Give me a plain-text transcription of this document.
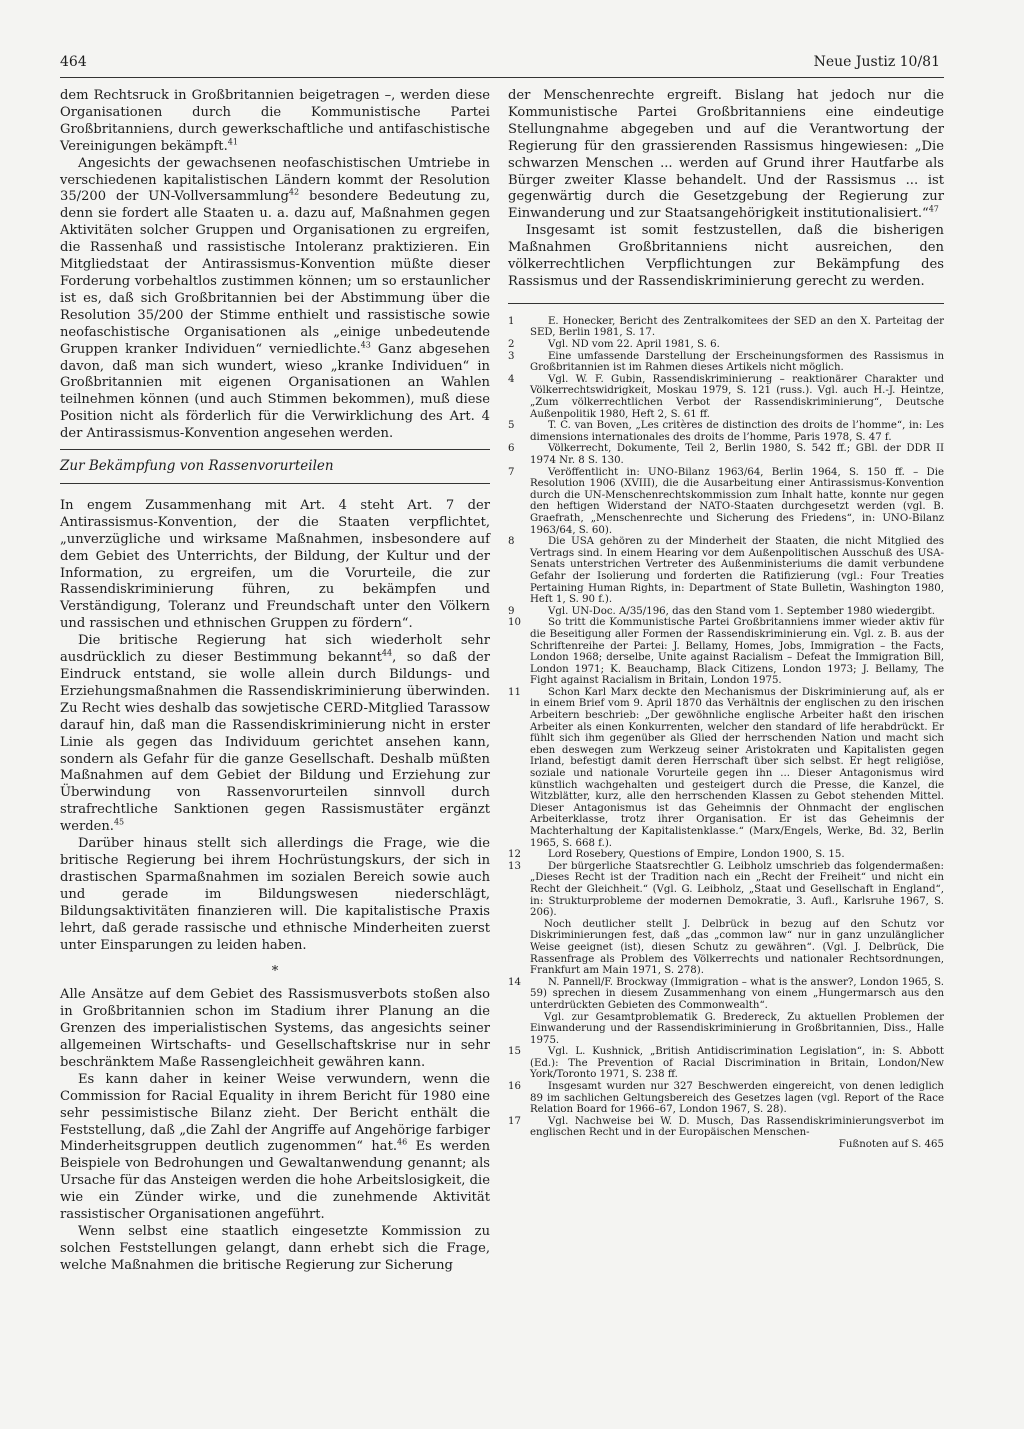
464	Neue Justiz 10/81

dem Rechtsruck in Großbritannien beigetragen –, werden diese Organisationen durch die Kommunistische Partei Großbritanniens, durch gewerkschaftliche und antifaschistische Vereinigungen bekämpft.$^{41}$

Angesichts der gewachsenen neofaschistischen Umtriebe in verschiedenen kapitalistischen Ländern kommt der Resolution 35/200 der UN-Vollversammlung$^{42}$ besondere Bedeutung zu, denn sie fordert alle Staaten u. a. dazu auf, Maßnahmen gegen Aktivitäten solcher Gruppen und Organisationen zu ergreifen, die Rassenhaß und rassistische Intoleranz praktizieren. Ein Mitgliedstaat der Antirassismus-Konvention müßte dieser Forderung vorbehaltlos zustimmen können; um so erstaunlicher ist es, daß sich Großbritannien bei der Abstimmung über die Resolution 35/200 der Stimme enthielt und rassistische sowie neofaschistische Organisationen als „einige unbedeutende Gruppen kranker Individuen“ verniedlichte.$^{43}$ Ganz abgesehen davon, daß man sich wundert, wieso „kranke Individuen“ in Großbritannien mit eigenen Organisationen an Wahlen teilnehmen können (und auch Stimmen bekommen), muß diese Position nicht als förderlich für die Verwirklichung des Art. 4 der Antirassismus-Konvention angesehen werden.

Zur Bekämpfung von Rassenvorurteilen

In engem Zusammenhang mit Art. 4 steht Art. 7 der Antirassismus-Konvention, der die Staaten verpflichtet, „unverzügliche und wirksame Maßnahmen, insbesondere auf dem Gebiet des Unterrichts, der Bildung, der Kultur und der Information, zu ergreifen, um die Vorurteile, die zur Rassendiskriminierung führen, zu bekämpfen und Verständigung, Toleranz und Freundschaft unter den Völkern und rassischen und ethnischen Gruppen zu fördern“.

Die britische Regierung hat sich wiederholt sehr ausdrücklich zu dieser Bestimmung bekannt$^{44}$, so daß der Eindruck entstand, sie wolle allein durch Bildungs- und Erziehungsmaßnahmen die Rassendiskriminierung überwinden. Zu Recht wies deshalb das sowjetische CERD-Mitglied Tarassow darauf hin, daß man die Rassendiskriminierung nicht in erster Linie als gegen das Individuum gerichtet ansehen kann, sondern als Gefahr für die ganze Gesellschaft. Deshalb müßten Maßnahmen auf dem Gebiet der Bildung und Erziehung zur Überwindung von Rassenvorurteilen sinnvoll durch strafrechtliche Sanktionen gegen Rassismustäter ergänzt werden.$^{45}$

Darüber hinaus stellt sich allerdings die Frage, wie die britische Regierung bei ihrem Hochrüstungskurs, der sich in drastischen Sparmaßnahmen im sozialen Bereich sowie auch und gerade im Bildungswesen niederschlägt, Bildungsaktivitäten finanzieren will. Die kapitalistische Praxis lehrt, daß gerade rassische und ethnische Minderheiten zuerst unter Einsparungen zu leiden haben.

*

Alle Ansätze auf dem Gebiet des Rassismusverbots stoßen also in Großbritannien schon im Stadium ihrer Planung an die Grenzen des imperialistischen Systems, das angesichts seiner allgemeinen Wirtschafts- und Gesellschaftskrise nur in sehr beschränktem Maße Rassengleichheit gewähren kann.

Es kann daher in keiner Weise verwundern, wenn die Commission for Racial Equality in ihrem Bericht für 1980 eine sehr pessimistische Bilanz zieht. Der Bericht enthält die Feststellung, daß „die Zahl der Angriffe auf Angehörige farbiger Minderheitsgruppen deutlich zugenommen“ hat.$^{46}$ Es werden Beispiele von Bedrohungen und Gewaltanwendung genannt; als Ursache für das Ansteigen werden die hohe Arbeitslosigkeit, die wie ein Zünder wirke, und die zunehmende Aktivität rassistischer Organisationen angeführt.

Wenn selbst eine staatlich eingesetzte Kommission zu solchen Feststellungen gelangt, dann erhebt sich die Frage, welche Maßnahmen die britische Regierung zur Sicherung

der Menschenrechte ergreift. Bislang hat jedoch nur die Kommunistische Partei Großbritanniens eine eindeutige Stellungnahme abgegeben und auf die Verantwortung der Regierung für den grassierenden Rassismus hingewiesen: „Die schwarzen Menschen ... werden auf Grund ihrer Hautfarbe als Bürger zweiter Klasse behandelt. Und der Rassismus ... ist gegenwärtig durch die Gesetzgebung der Regierung zur Einwanderung und zur Staatsangehörigkeit institutionalisiert.“$^{47}$

Insgesamt ist somit festzustellen, daß die bisherigen Maßnahmen Großbritanniens nicht ausreichen, den völkerrechtlichen Verpflichtungen zur Bekämpfung des Rassismus und der Rassendiskriminierung gerecht zu werden.

1	E. Honecker, Bericht des Zentralkomitees der SED an den X. Parteitag der SED, Berlin 1981, S. 17.

2	Vgl. ND vom 22. April 1981, S. 6.

3	Eine umfassende Darstellung der Erscheinungsformen des Rassismus in Großbritannien ist im Rahmen dieses Artikels nicht möglich.

4	Vgl. W. F. Gubin, Rassendiskriminierung – reaktionärer Charakter und Völkerrechtswidrigkeit, Moskau 1979, S. 121 (russ.). Vgl. auch H.-J. Heintze, „Zum völkerrechtlichen Verbot der Rassendiskriminierung“, Deutsche Außenpolitik 1980, Heft 2, S. 61 ff.

5	T. C. van Boven, „Les critères de distinction des droits de l’homme“, in: Les dimensions internationales des droits de l’homme, Paris 1978, S. 47 f.

6	Völkerrecht, Dokumente, Teil 2, Berlin 1980, S. 542 ff.; GBl. der DDR II 1974 Nr. 8 S. 130.

7	Veröffentlicht in: UNO-Bilanz 1963/64, Berlin 1964, S. 150 ff. – Die Resolution 1906 (XVIII), die die Ausarbeitung einer Antirassismus-Konvention durch die UN-Menschenrechtskommission zum Inhalt hatte, konnte nur gegen den heftigen Widerstand der NATO-Staaten durchgesetzt werden (vgl. B. Graefrath, „Menschenrechte und Sicherung des Friedens“, in: UNO-Bilanz 1963/64, S. 60).

8	Die USA gehören zu der Minderheit der Staaten, die nicht Mitglied des Vertrags sind. In einem Hearing vor dem Außenpolitischen Ausschuß des USA-Senats unterstrichen Vertreter des Außenministeriums die damit verbundene Gefahr der Isolierung und forderten die Ratifizierung (vgl.: Four Treaties Pertaining Human Rights, in: Department of State Bulletin, Washington 1980, Heft 1, S. 90 f.).

9	Vgl. UN-Doc. A/35/196, das den Stand vom 1. September 1980 wiedergibt.

10	So tritt die Kommunistische Partei Großbritanniens immer wieder aktiv für die Beseitigung aller Formen der Rassendiskriminierung ein. Vgl. z. B. aus der Schriftenreihe der Partei: J. Bellamy, Homes, Jobs, Immigration – the Facts, London 1968; derselbe, Unite against Racialism – Defeat the Immigration Bill, London 1971; K. Beauchamp, Black Citizens, London 1973; J. Bellamy, The Fight against Racialism in Britain, London 1975.

11	Schon Karl Marx deckte den Mechanismus der Diskriminierung auf, als er in einem Brief vom 9. April 1870 das Verhältnis der englischen zu den irischen Arbeitern beschrieb: „Der gewöhnliche englische Arbeiter haßt den irischen Arbeiter als einen Konkurrenten, welcher den standard of life herabdrückt. Er fühlt sich ihm gegenüber als Glied der herrschenden Nation und macht sich eben deswegen zum Werkzeug seiner Aristokraten und Kapitalisten gegen Irland, befestigt damit deren Herrschaft über sich selbst. Er hegt religiöse, soziale und nationale Vorurteile gegen ihn ... Dieser Antagonismus wird künstlich wachgehalten und gesteigert durch die Presse, die Kanzel, die Witzblätter, kurz, alle den herrschenden Klassen zu Gebot stehenden Mittel. Dieser Antagonismus ist das Geheimnis der Ohnmacht der englischen Arbeiterklasse, trotz ihrer Organisation. Er ist das Geheimnis der Machterhaltung der Kapitalistenklasse.“ (Marx/Engels, Werke, Bd. 32, Berlin 1965, S. 668 f.).

12	Lord Rosebery, Questions of Empire, London 1900, S. 15.

13	Der bürgerliche Staatsrechtler G. Leibholz umschrieb das folgendermaßen: „Dieses Recht ist der Tradition nach ein „Recht der Freiheit“ und nicht ein Recht der Gleichheit.“ (Vgl. G. Leibholz, „Staat und Gesellschaft in England“, in: Strukturprobleme der modernen Demokratie, 3. Aufl., Karlsruhe 1967, S. 206).

Noch deutlicher stellt J. Delbrück in bezug auf den Schutz vor Diskriminierungen fest, daß „das „common law“ nur in ganz unzulänglicher Weise geeignet (ist), diesen Schutz zu gewähren“. (Vgl. J. Delbrück, Die Rassenfrage als Problem des Völkerrechts und nationaler Rechtsordnungen, Frankfurt am Main 1971, S. 278).

14	N. Pannell/F. Brockway (Immigration – what is the answer?, London 1965, S. 59) sprechen in diesem Zusammenhang von einem „Hungermarsch aus den unterdrückten Gebieten des Commonwealth“.

Vgl. zur Gesamtproblematik G. Bredereck, Zu aktuellen Problemen der Einwanderung und der Rassendiskriminierung in Großbritannien, Diss., Halle 1975.

15	Vgl. L. Kushnick, „British Antidiscrimination Legislation“, in: S. Abbott (Ed.): The Prevention of Racial Discrimination in Britain, London/New York/Toronto 1971, S. 238 ff.

16	Insgesamt wurden nur 327 Beschwerden eingereicht, von denen lediglich 89 im sachlichen Geltungsbereich des Gesetzes lagen (vgl. Report of the Race Relation Board for 1966–67, London 1967, S. 28).

17	Vgl. Nachweise bei W. D. Musch, Das Rassendiskriminierungsverbot im englischen Recht und in der Europäischen Menschen-

Fußnoten auf S. 465
